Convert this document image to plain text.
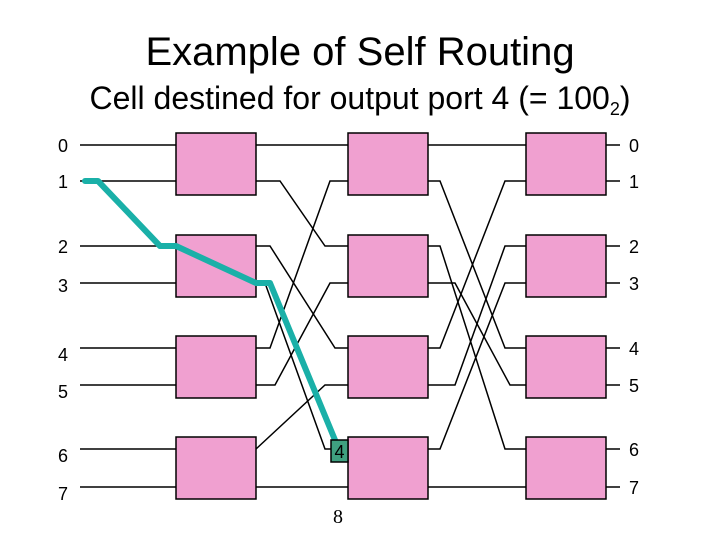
Example of Self Routing
Cell destined for output port 4 (= $100_2$)
4
0
1
2
3
4
5
6
7
0
1
2
3
4
5
6
7
8
